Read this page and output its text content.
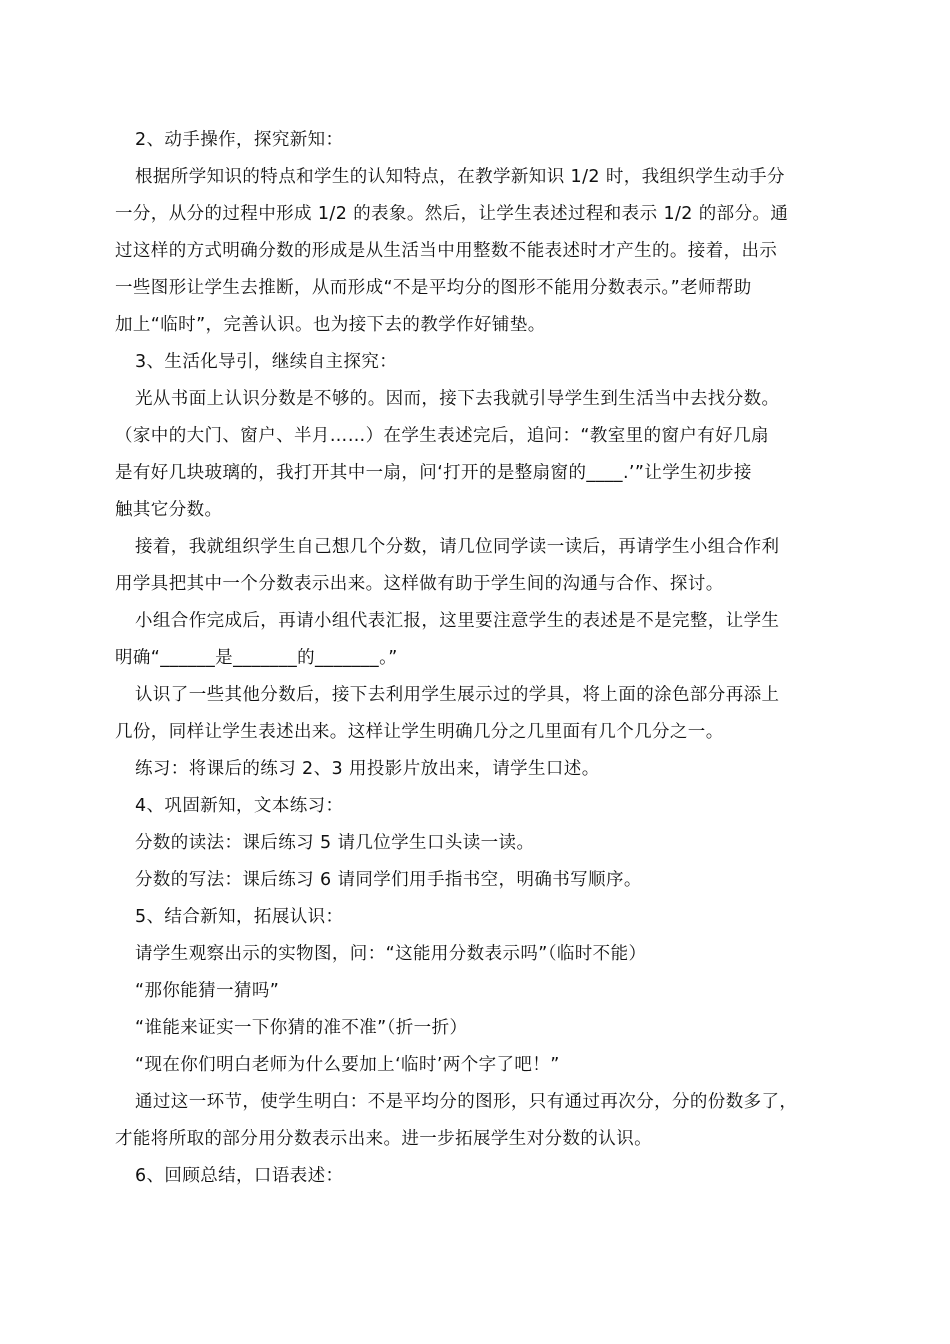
2、动手操作，探究新知：
根据所学知识的特点和学生的认知特点，在教学新知识 1/2 时，我组织学生动手分
一分，从分的过程中形成 1/2 的表象。然后，让学生表述过程和表示 1/2 的部分。通
过这样的方式明确分数的形成是从生活当中用整数不能表述时才产生的。接着，出示
一些图形让学生去推断，从而形成“不是平均分的图形不能用分数表示。”老师帮助
加上“临时”，完善认识。也为接下去的教学作好铺垫。
3、生活化导引，继续自主探究：
光从书面上认识分数是不够的。因而，接下去我就引导学生到生活当中去找分数。
（家中的大门、窗户、半月……）在学生表述完后，追问：“教室里的窗户有好几扇
是有好几块玻璃的，我打开其中一扇，问‘打开的是整扇窗的____.’”让学生初步接
触其它分数。
接着，我就组织学生自己想几个分数，请几位同学读一读后，再请学生小组合作利
用学具把其中一个分数表示出来。这样做有助于学生间的沟通与合作、探讨。
小组合作完成后，再请小组代表汇报，这里要注意学生的表述是不是完整，让学生
明确“______是_______的_______。”
认识了一些其他分数后，接下去利用学生展示过的学具，将上面的涂色部分再添上
几份，同样让学生表述出来。这样让学生明确几分之几里面有几个几分之一。
练习：将课后的练习 2、3 用投影片放出来，请学生口述。
4、巩固新知，文本练习：
分数的读法：课后练习 5 请几位学生口头读一读。
分数的写法：课后练习 6 请同学们用手指书空，明确书写顺序。
5、结合新知，拓展认识：
请学生观察出示的实物图，问：“这能用分数表示吗”（临时不能）
“那你能猜一猜吗”
“谁能来证实一下你猜的准不准”（折一折）
“现在你们明白老师为什么要加上‘临时’两个字了吧！”
通过这一环节，使学生明白：不是平均分的图形，只有通过再次分，分的份数多了，
才能将所取的部分用分数表示出来。进一步拓展学生对分数的认识。
6、回顾总结，口语表述：
